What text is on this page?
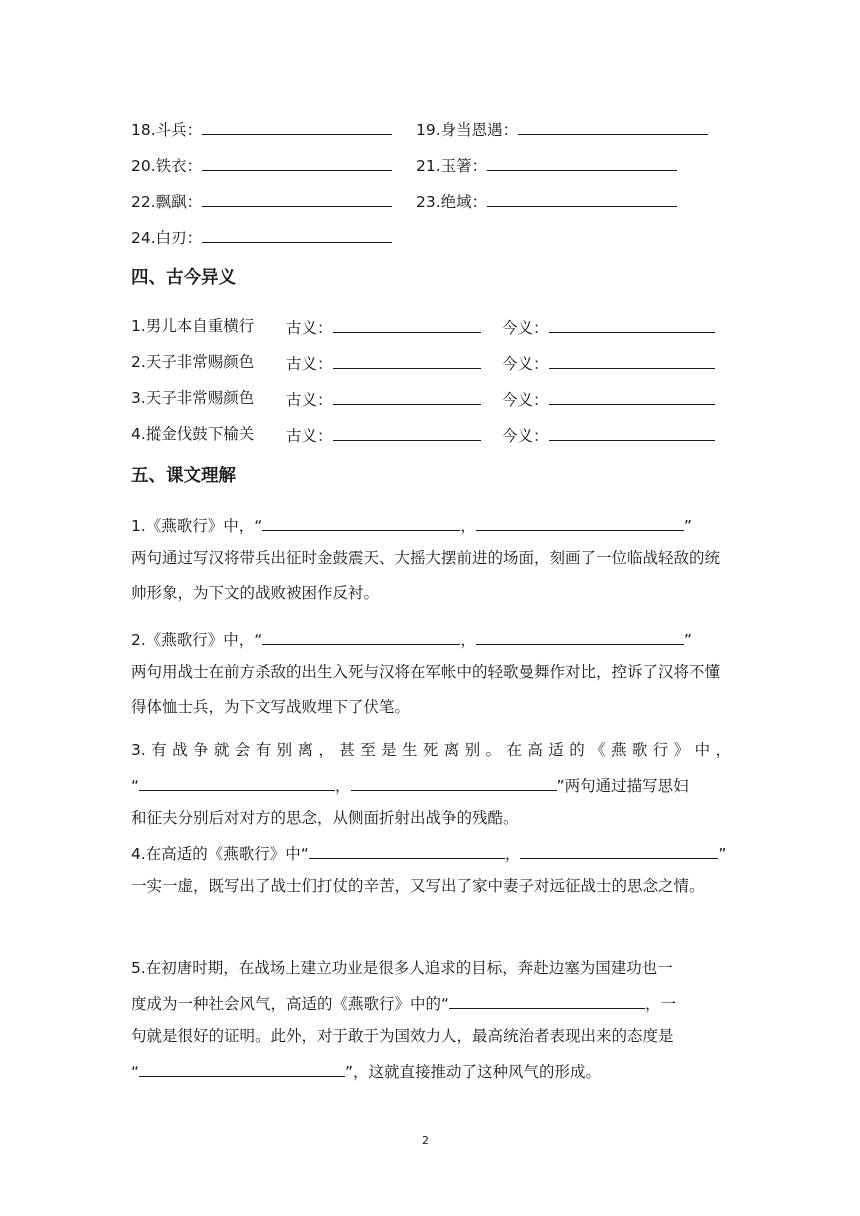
18.斗兵：	19.身当恩遇：
20.铁衣：	21.玉箸：
22.飘飖：	23.绝域：
24.白刃：
四、古今异义
1.男儿本自重横行 古义：	今义：
2.天子非常赐颜色 古义：	今义：
3.天子非常赐颜色 古义：	今义：
4.摐金伐鼓下榆关 古义：	今义：
五、课文理解
1.《燕歌行》中，“	，	”
两句通过写汉将带兵出征时金鼓震天、大摇大摆前进的场面，刻画了一位临战轻敌的统帅形象，为下文的战败被困作反衬。
2.《燕歌行》中，“	，	”
两句用战士在前方杀敌的出生入死与汉将在军帐中的轻歌曼舞作对比，控诉了汉将不懂得体恤士兵，为下文写战败埋下了伏笔。
3.有战争就会有别离，甚至是生死离别。在高适的《燕歌行》中，
“	，	”两句通过描写思妇
和征夫分别后对对方的思念，从侧面折射出战争的残酷。
4.在高适的《燕歌行》中“	，	”
一实一虚，既写出了战士们打仗的辛苦，又写出了家中妻子对远征战士的思念之情。
5.在初唐时期，在战场上建立功业是很多人追求的目标，奔赴边塞为国建功也一
度成为一种社会风气，高适的《燕歌行》中的“	，一
句就是很好的证明。此外，对于敢于为国效力人，最高统治者表现出来的态度是
“	”，这就直接推动了这种风气的形成。
2
